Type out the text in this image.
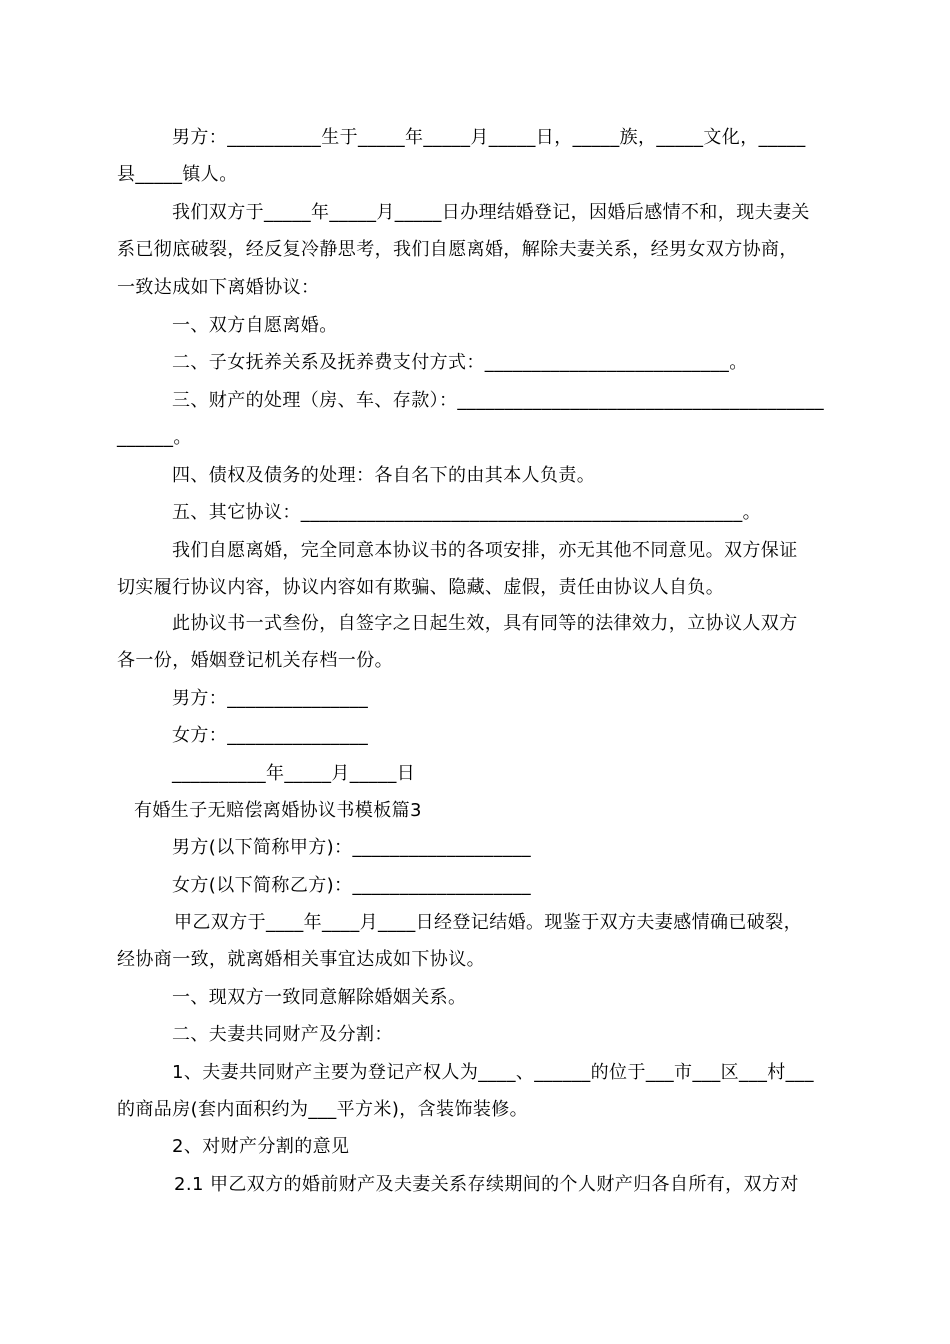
男方：__________生于_____年_____月_____日，_____族，_____文化，_____
县_____镇人。
我们双方于_____年_____月_____日办理结婚登记，因婚后感情不和，现夫妻关
系已彻底破裂，经反复冷静思考，我们自愿离婚，解除夫妻关系，经男女双方协商，
一致达成如下离婚协议：
一、双方自愿离婚。
二、子女抚养关系及抚养费支付方式：__________________________。
三、财产的处理（房、车、存款）：_______________________________________
______。
四、债权及债务的处理：各自名下的由其本人负责。
五、其它协议：_______________________________________________。
我们自愿离婚，完全同意本协议书的各项安排，亦无其他不同意见。双方保证
切实履行协议内容，协议内容如有欺骗、隐藏、虚假，责任由协议人自负。
此协议书一式叁份，自签字之日起生效，具有同等的法律效力，立协议人双方
各一份，婚姻登记机关存档一份。
男方：_______________
女方：_______________
__________年_____月_____日
有婚生子无赔偿离婚协议书模板篇3
男方(以下简称甲方)：___________________
女方(以下简称乙方)：___________________
甲乙双方于____年____月____日经登记结婚。现鉴于双方夫妻感情确已破裂，
经协商一致，就离婚相关事宜达成如下协议。
一、现双方一致同意解除婚姻关系。
二、夫妻共同财产及分割：
1、夫妻共同财产主要为登记产权人为____、______的位于___市___区___村___
的商品房(套内面积约为___平方米)，含装饰装修。
2、对财产分割的意见
2.1 甲乙双方的婚前财产及夫妻关系存续期间的个人财产归各自所有，双方对
